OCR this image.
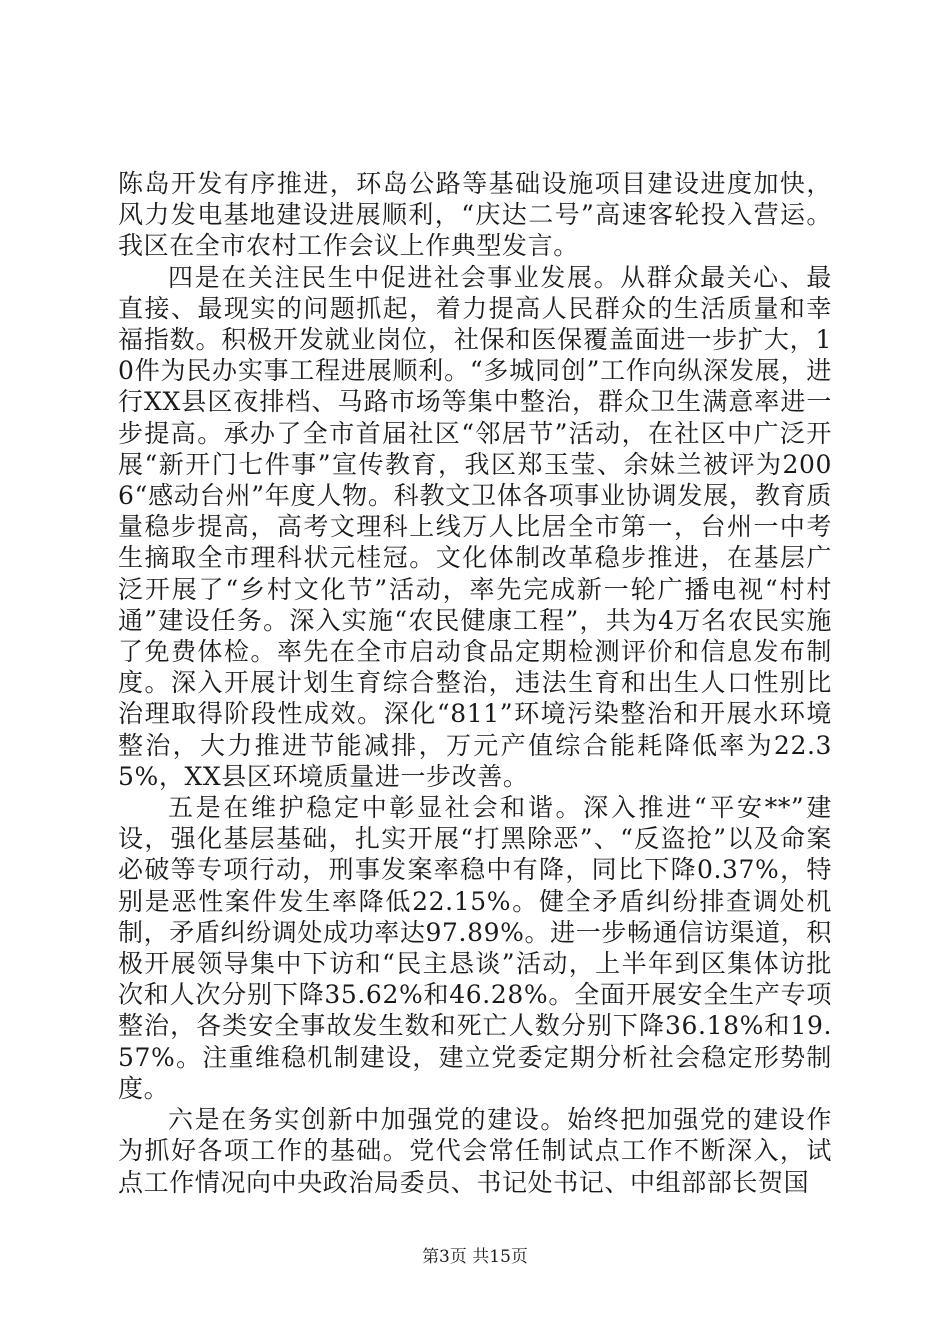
陈岛开发有序推进，环岛公路等基础设施项目建设进度加快，风力发电基地建设进展顺利，“庆达二号”高速客轮投入营运。我区在全市农村工作会议上作典型发言。

四是在关注民生中促进社会事业发展。从群众最关心、最直接、最现实的问题抓起，着力提高人民群众的生活质量和幸福指数。积极开发就业岗位，社保和医保覆盖面进一步扩大，10件为民办实事工程进展顺利。“多城同创”工作向纵深发展，进行XX县区夜排档、马路市场等集中整治，群众卫生满意率进一步提高。承办了全市首届社区“邻居节”活动，在社区中广泛开展“新开门七件事”宣传教育，我区郑玉莹、余妹兰被评为2006“感动台州”年度人物。科教文卫体各项事业协调发展，教育质量稳步提高，高考文理科上线万人比居全市第一，台州一中考生摘取全市理科状元桂冠。文化体制改革稳步推进，在基层广泛开展了“乡村文化节”活动，率先完成新一轮广播电视“村村通”建设任务。深入实施“农民健康工程”，共为4万名农民实施了免费体检。率先在全市启动食品定期检测评价和信息发布制度。深入开展计划生育综合整治，违法生育和出生人口性别比治理取得阶段性成效。深化“811”环境污染整治和开展水环境整治，大力推进节能减排，万元产值综合能耗降低率为22.35%，XX县区环境质量进一步改善。

五是在维护稳定中彰显社会和谐。深入推进“平安**”建设，强化基层基础，扎实开展“打黑除恶”、“反盗抢”以及命案必破等专项行动，刑事发案率稳中有降，同比下降0.37%，特别是恶性案件发生率降低22.15%。健全矛盾纠纷排查调处机制，矛盾纠纷调处成功率达97.89%。进一步畅通信访渠道，积极开展领导集中下访和“民主恳谈”活动，上半年到区集体访批次和人次分别下降35.62%和46.28%。全面开展安全生产专项整治，各类安全事故发生数和死亡人数分别下降36.18%和19.57%。注重维稳机制建设，建立党委定期分析社会稳定形势制度。

六是在务实创新中加强党的建设。始终把加强党的建设作为抓好各项工作的基础。党代会常任制试点工作不断深入，试点工作情况向中央政治局委员、书记处书记、中组部部长贺国

第3页 共15页
